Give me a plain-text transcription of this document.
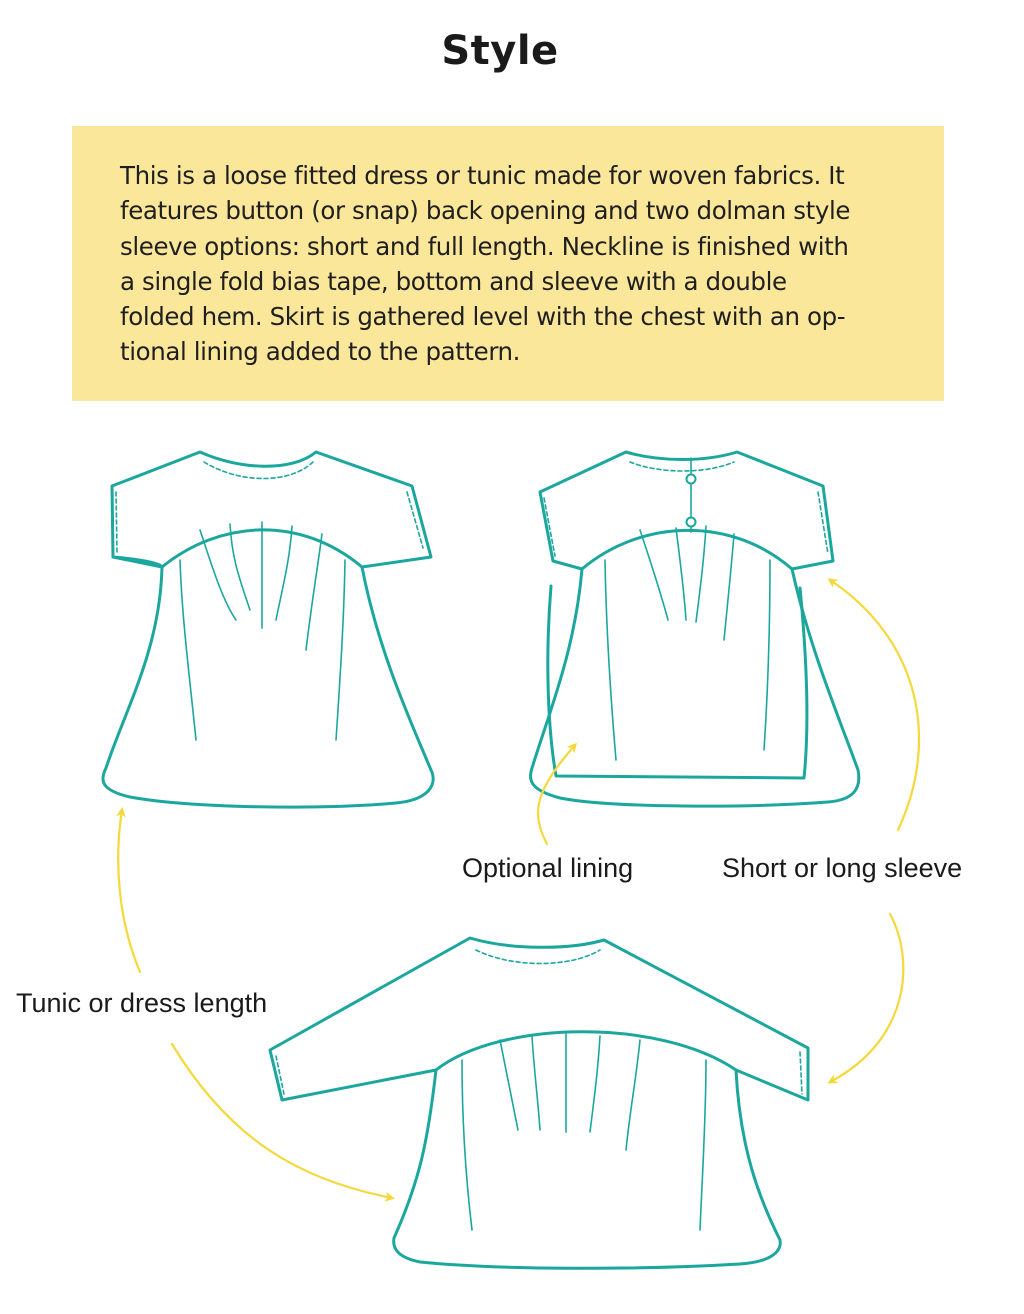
Style

This is a loose fitted dress or tunic made for woven fabrics. It
features button (or snap) back opening and two dolman style
sleeve options: short and full length. Neckline is finished with
a single fold bias tape, bottom and sleeve with a double
folded hem. Skirt is gathered level with the chest with an op-
tional lining added to the pattern.

Optional lining	Short or long sleeve
Tunic or dress length
